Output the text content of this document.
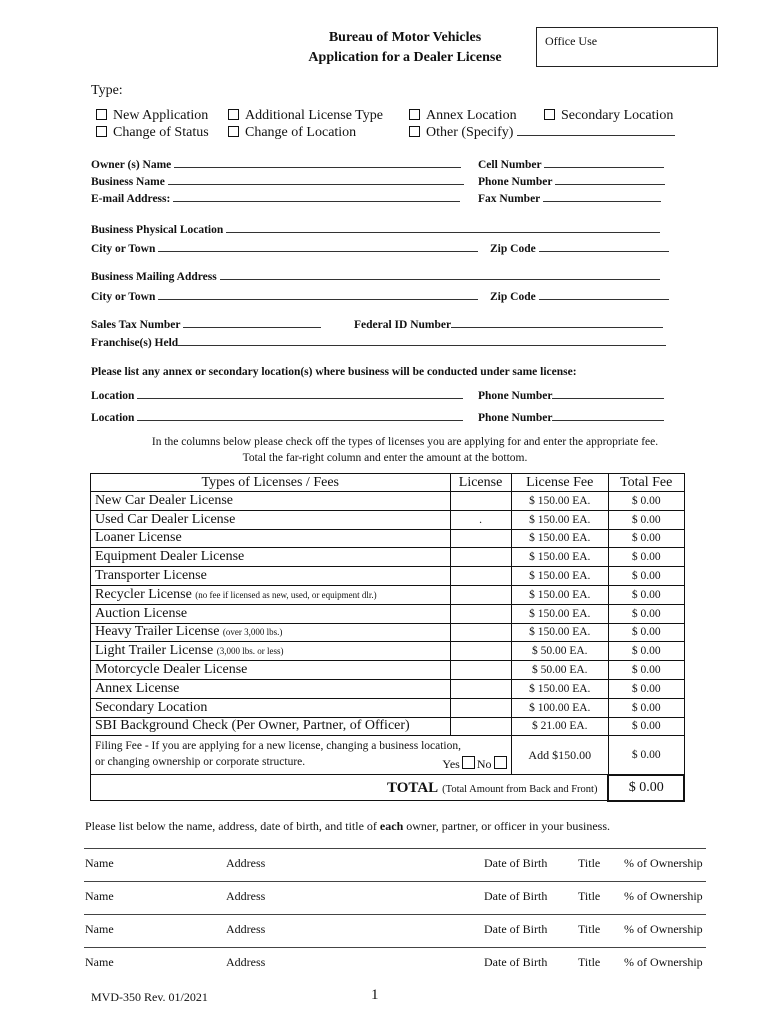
Bureau of Motor Vehicles
Application for a Dealer License
Office Use
Type:
New Application	Additional License Type	Annex Location	Secondary Location
Change of Status	Change of Location	Other (Specify)
Owner (s) Name	Cell Number
Business Name	Phone Number
E-mail Address:	Fax Number
Business Physical Location
City or Town	Zip Code
Business Mailing Address
City or Town	Zip Code
Sales Tax Number	Federal ID Number
Franchise(s) Held
Please list any annex or secondary location(s) where business will be conducted under same license:
Location	Phone Number
Location	Phone Number
In the columns below please check off the types of licenses you are applying for and enter the appropriate fee.
Total the far-right column and enter the amount at the bottom.
Types of Licenses / Fees	License	License Fee	Total Fee
New Car Dealer License		$ 150.00 EA.	$ 0.00
Used Car Dealer License	.	$ 150.00 EA.	$ 0.00
Loaner License		$ 150.00 EA.	$ 0.00
Equipment Dealer License		$ 150.00 EA.	$ 0.00
Transporter License		$ 150.00 EA.	$ 0.00
Recycler License (no fee if licensed as new, used, or equipment dlr.)		$ 150.00 EA.	$ 0.00
Auction License		$ 150.00 EA.	$ 0.00
Heavy Trailer License (over 3,000 lbs.)		$ 150.00 EA.	$ 0.00
Light Trailer License (3,000 lbs. or less)		$ 50.00 EA.	$ 0.00
Motorcycle Dealer License		$ 50.00 EA.	$ 0.00
Annex License		$ 150.00 EA.	$ 0.00
Secondary Location		$ 100.00 EA.	$ 0.00
SBI Background Check (Per Owner, Partner, of Officer)		$ 21.00 EA.	$ 0.00
Filing Fee - If you are applying for a new license, changing a business location, or changing ownership or corporate structure. Yes No		Add $150.00	$ 0.00
TOTAL (Total Amount from Back and Front)			$ 0.00
Please list below the name, address, date of birth, and title of each owner, partner, or officer in your business.
Name	Address	Date of Birth	Title % of Ownership
Name	Address	Date of Birth	Title % of Ownership
Name	Address	Date of Birth	Title % of Ownership
Name	Address	Date of Birth	Title % of Ownership
MVD-350 Rev. 01/2021	1
